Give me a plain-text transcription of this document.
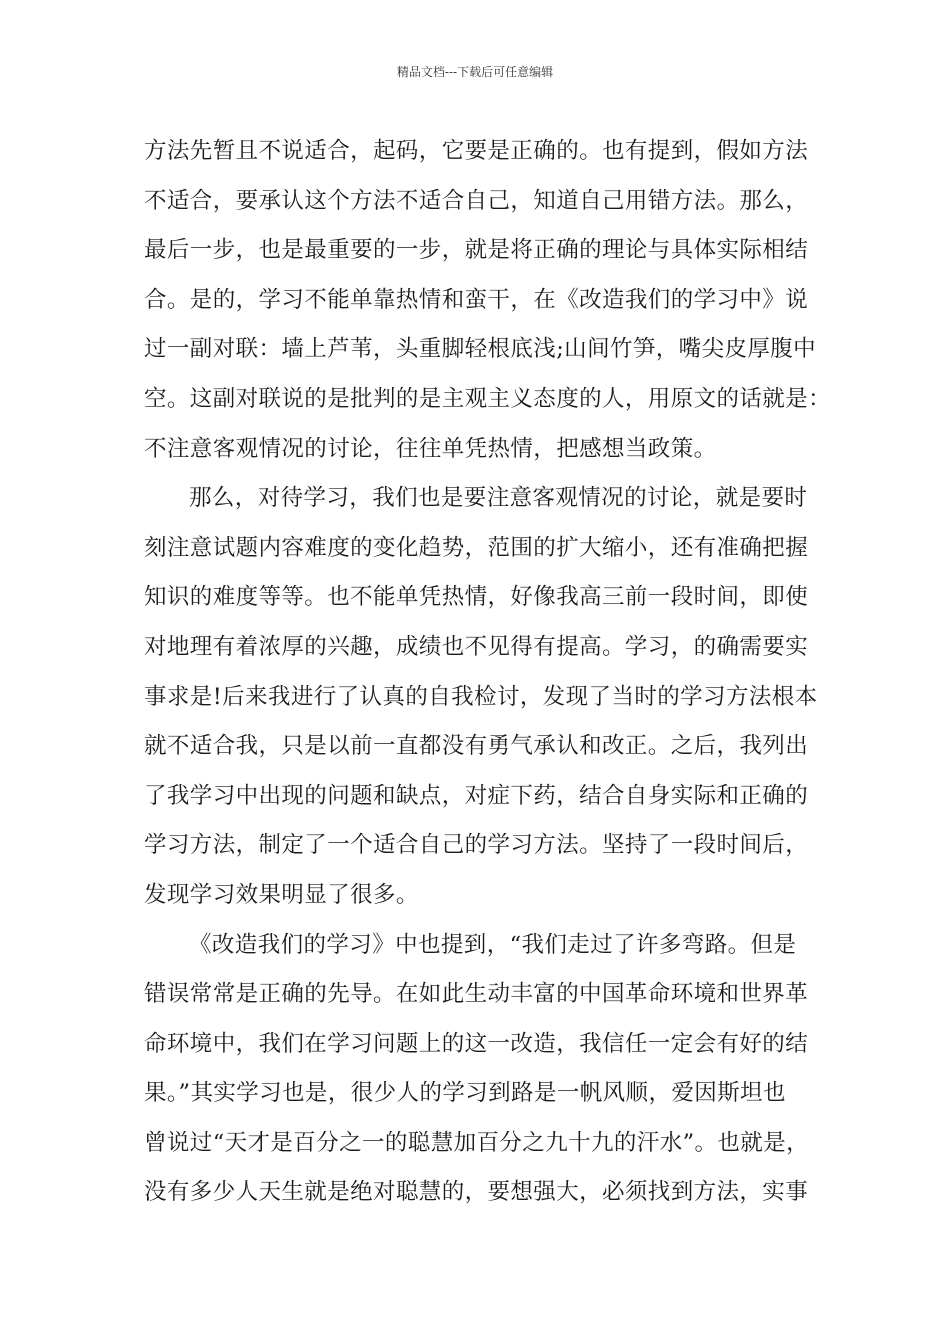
精品文档---下载后可任意编辑

方法先暂且不说适合，起码，它要是正确的。也有提到，假如方法
不适合，要承认这个方法不适合自己，知道自己用错方法。那么，
最后一步，也是最重要的一步，就是将正确的理论与具体实际相结
合。是的，学习不能单靠热情和蛮干，在《改造我们的学习中》说
过一副对联：墙上芦苇，头重脚轻根底浅;山间竹笋，嘴尖皮厚腹中
空。这副对联说的是批判的是主观主义态度的人，用原文的话就是：
不注意客观情况的讨论，往往单凭热情，把感想当政策。

那么，对待学习，我们也是要注意客观情况的讨论，就是要时
刻注意试题内容难度的变化趋势，范围的扩大缩小，还有准确把握
知识的难度等等。也不能单凭热情，好像我高三前一段时间，即使
对地理有着浓厚的兴趣，成绩也不见得有提高。学习，的确需要实
事求是!后来我进行了认真的自我检讨，发现了当时的学习方法根本
就不适合我，只是以前一直都没有勇气承认和改正。之后，我列出
了我学习中出现的问题和缺点，对症下药，结合自身实际和正确的
学习方法，制定了一个适合自己的学习方法。坚持了一段时间后，
发现学习效果明显了很多。

《改造我们的学习》中也提到，“我们走过了许多弯路。但是
错误常常是正确的先导。在如此生动丰富的中国革命环境和世界革
命环境中，我们在学习问题上的这一改造，我信任一定会有好的结
果。”其实学习也是，很少人的学习到路是一帆风顺，爱因斯坦也
曾说过“天才是百分之一的聪慧加百分之九十九的汗水”。也就是，
没有多少人天生就是绝对聪慧的，要想强大，必须找到方法，实事
